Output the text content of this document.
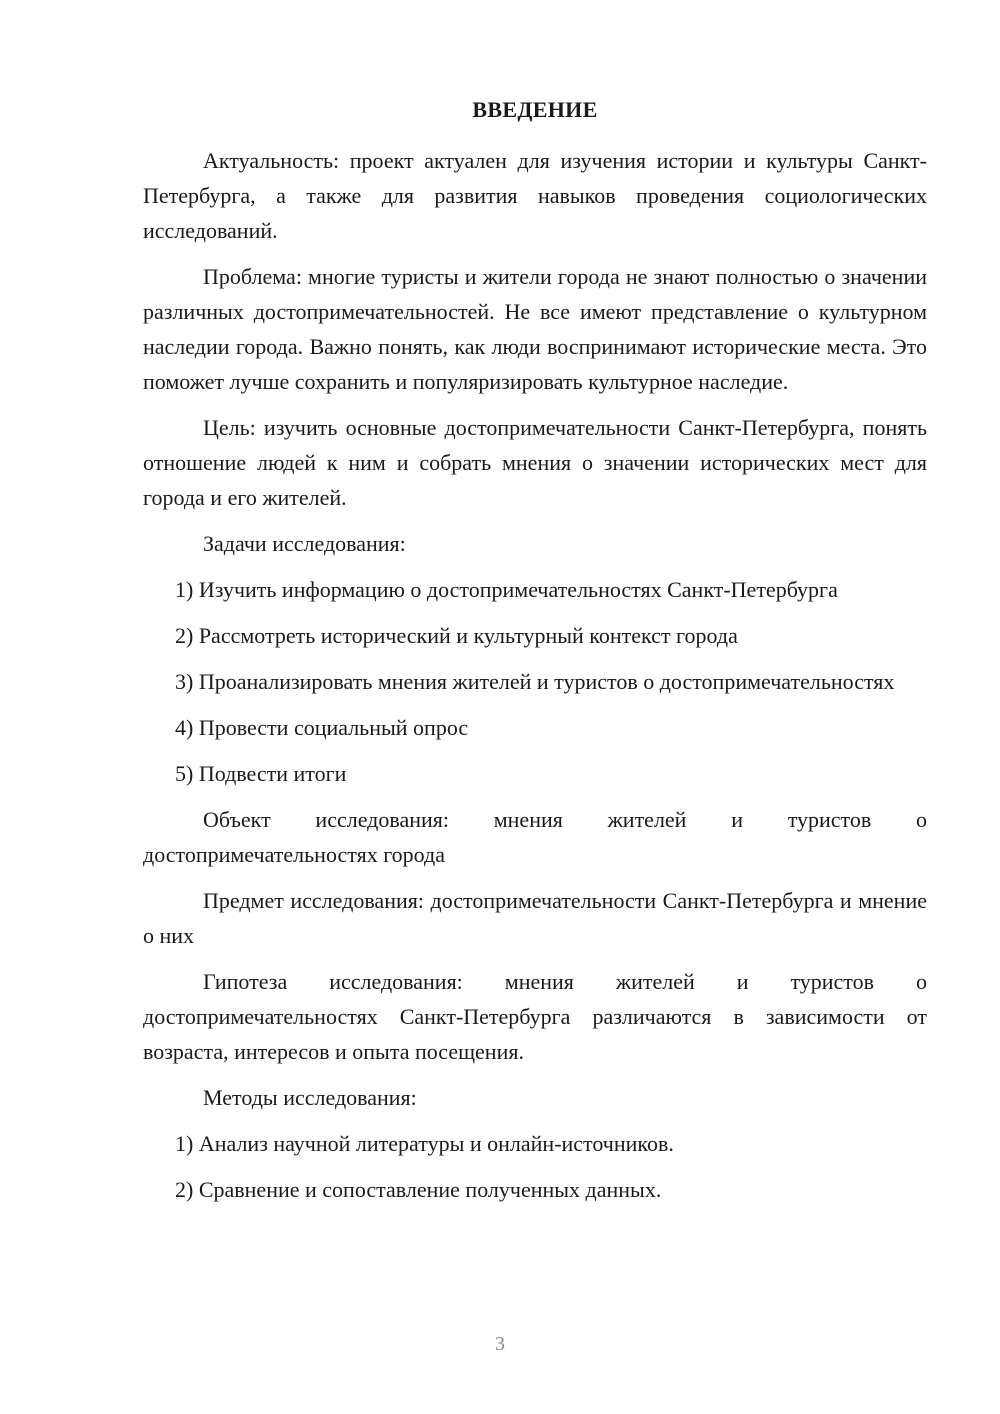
ВВЕДЕНИЕ
Актуальность: проект актуален для изучения истории и культуры Санкт-Петербурга, а также для развития навыков проведения социологических исследований.
Проблема: многие туристы и жители города не знают полностью о значении различных достопримечательностей. Не все имеют представление о культурном наследии города. Важно понять, как люди воспринимают исторические места. Это поможет лучше сохранить и популяризировать культурное наследие.
Цель: изучить основные достопримечательности Санкт-Петербурга, понять отношение людей к ним и собрать мнения о значении исторических мест для города и его жителей.
Задачи исследования:
1) Изучить информацию о достопримечательностях Санкт-Петербурга
2) Рассмотреть исторический и культурный контекст города
3) Проанализировать мнения жителей и туристов о достопримечательностях
4) Провести социальный опрос
5) Подвести итоги
Объект исследования: мнения жителей и туристов о достопримечательностях города
Предмет исследования: достопримечательности Санкт-Петербурга и мнение о них
Гипотеза исследования: мнения жителей и туристов о достопримечательностях Санкт-Петербурга различаются в зависимости от возраста, интересов и опыта посещения.
Методы исследования:
1) Анализ научной литературы и онлайн-источников.
2) Сравнение и сопоставление полученных данных.
3
